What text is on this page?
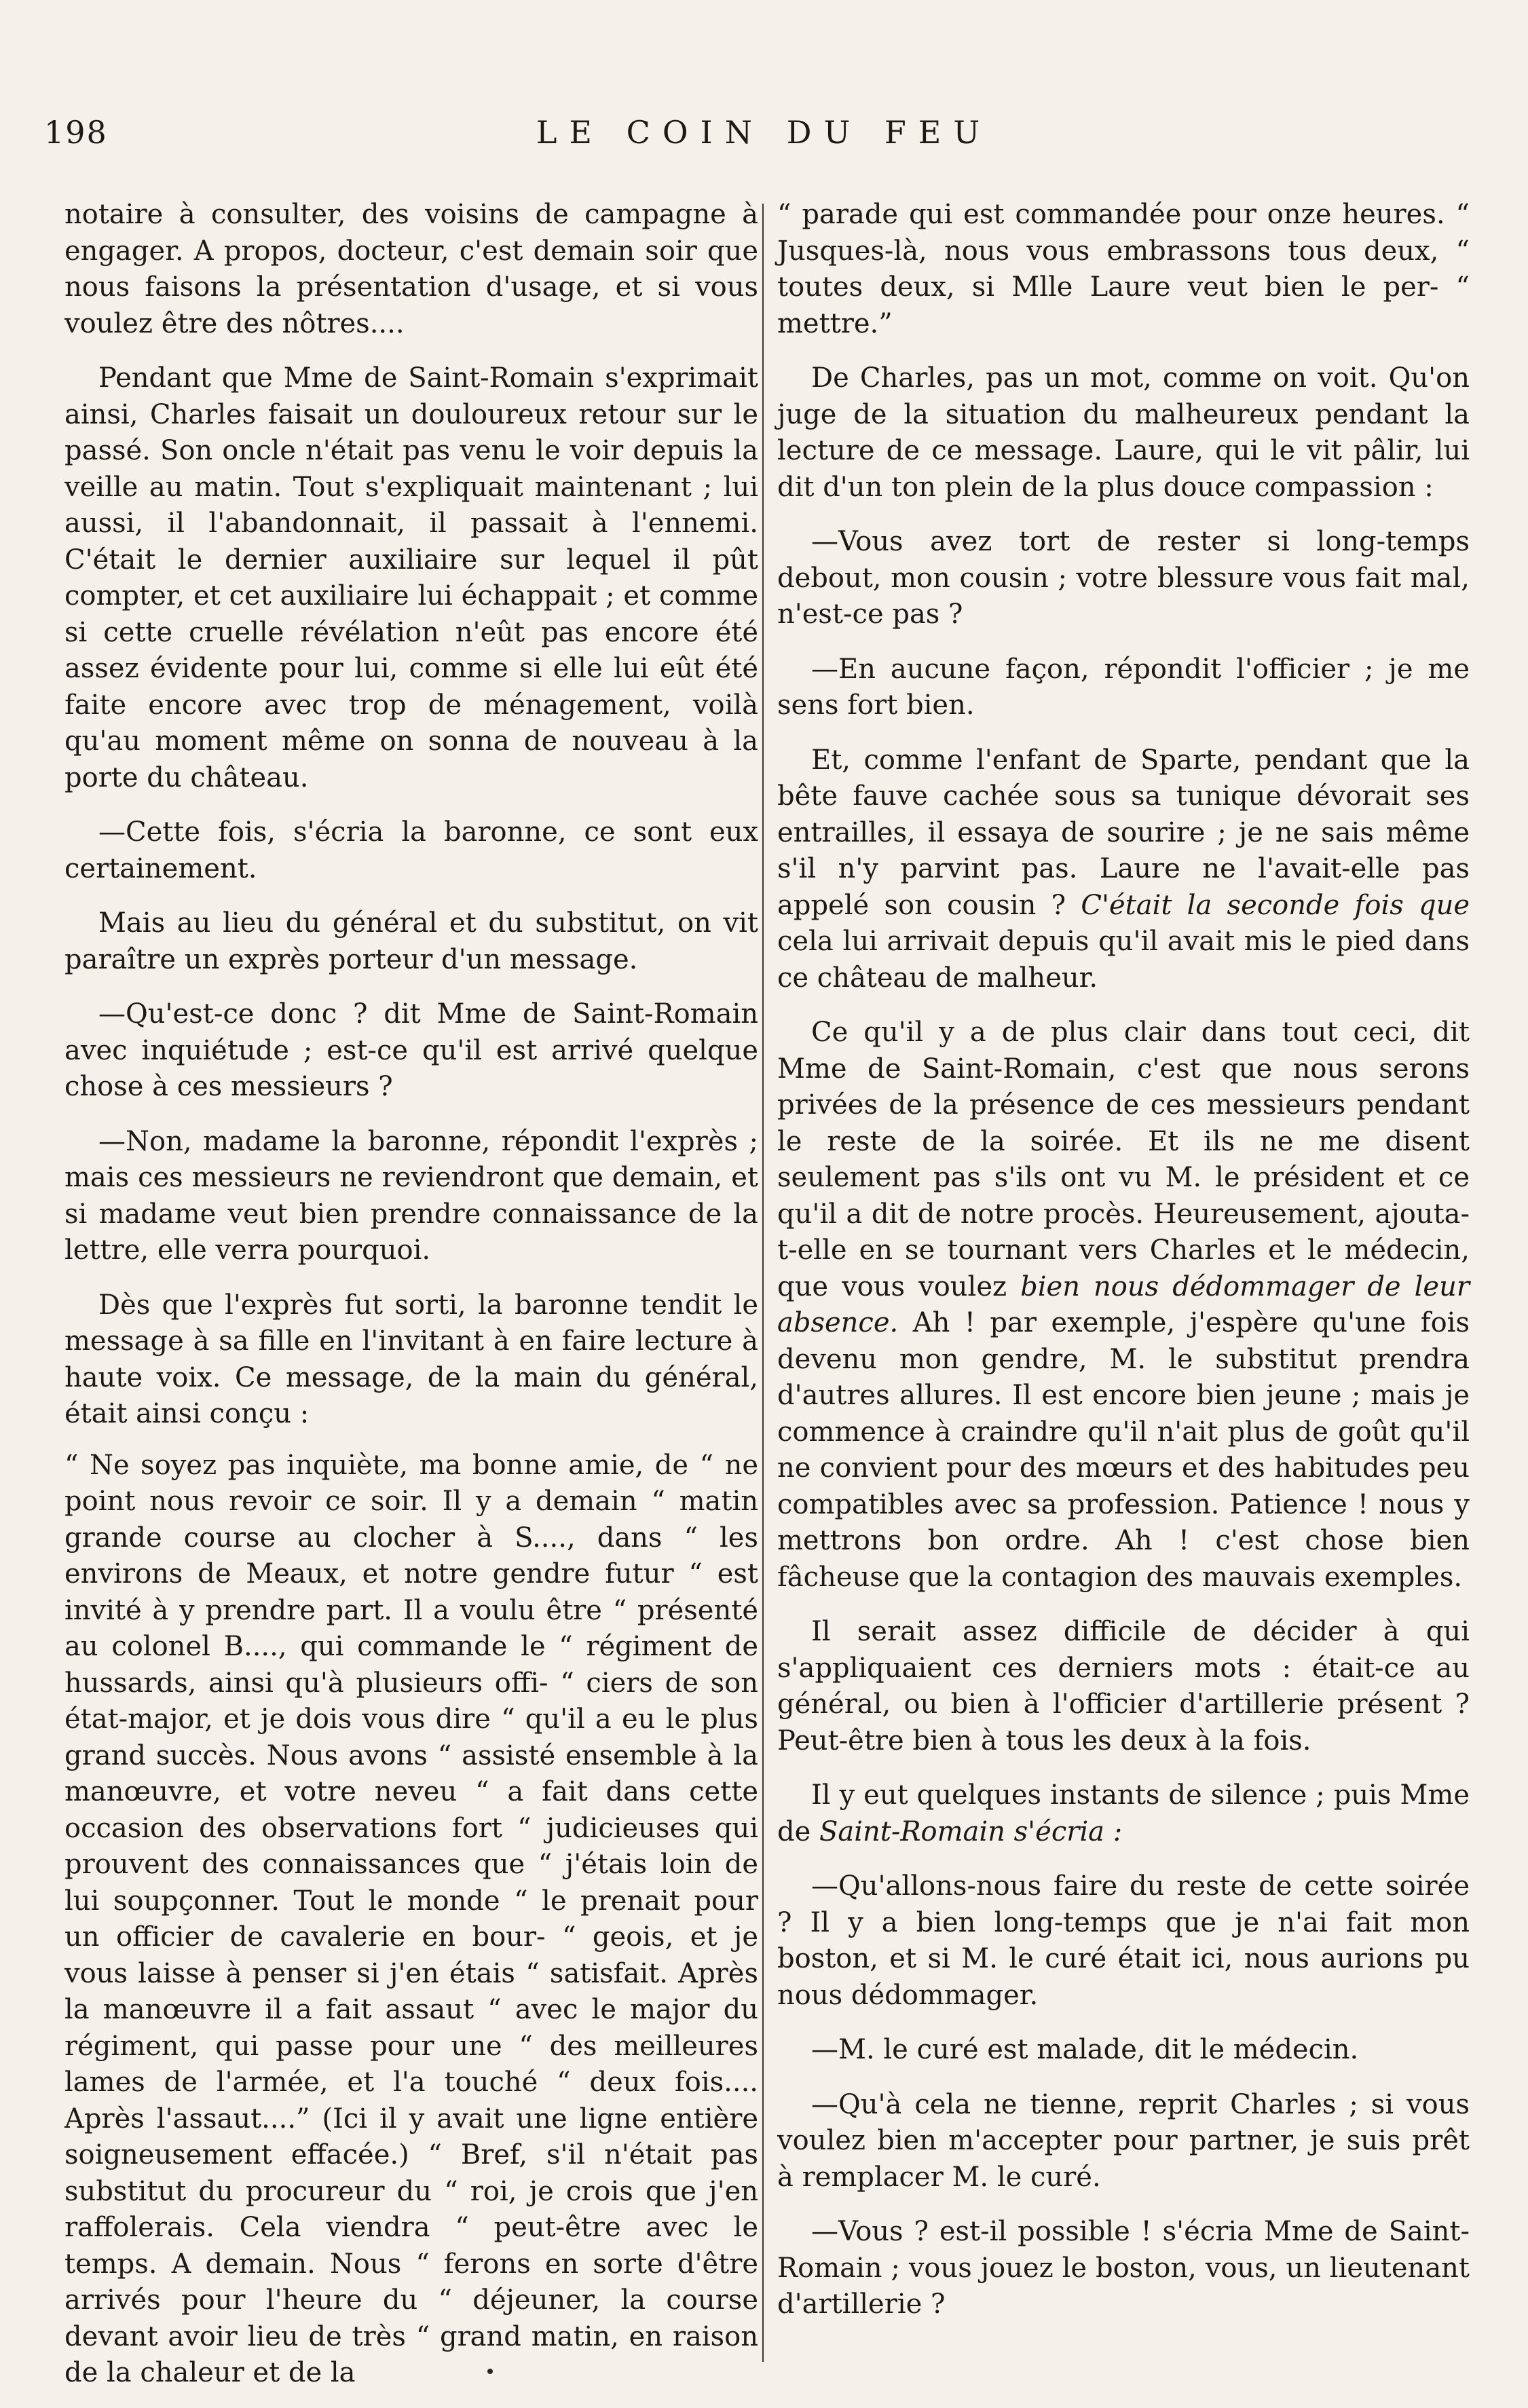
198	LE COIN DU FEU

notaire à consulter, des voisins de campagne à engager. A propos, docteur, c'est demain soir que nous faisons la présentation d'usage, et si vous voulez être des nôtres....

Pendant que Mme de Saint-Romain s'exprimait ainsi, Charles faisait un douloureux retour sur le passé. Son oncle n'était pas venu le voir depuis la veille au matin. Tout s'expliquait maintenant ; lui aussi, il l'abandonnait, il passait à l'ennemi. C'était le dernier auxiliaire sur lequel il pût compter, et cet auxiliaire lui échappait ; et comme si cette cruelle révélation n'eût pas encore été assez évidente pour lui, comme si elle lui eût été faite encore avec trop de ménagement, voilà qu'au moment même on sonna de nouveau à la porte du château.

—Cette fois, s'écria la baronne, ce sont eux certainement.

Mais au lieu du général et du substitut, on vit paraître un exprès porteur d'un message.

—Qu'est-ce donc ? dit Mme de Saint-Romain avec inquiétude ; est-ce qu'il est arrivé quelque chose à ces messieurs ?

—Non, madame la baronne, répondit l'exprès ; mais ces messieurs ne reviendront que demain, et si madame veut bien prendre connaissance de la lettre, elle verra pourquoi.

Dès que l'exprès fut sorti, la baronne tendit le message à sa fille en l'invitant à en faire lecture à haute voix. Ce message, de la main du général, était ainsi conçu :

“ Ne soyez pas inquiète, ma bonne amie, de “ ne point nous revoir ce soir. Il y a demain “ matin grande course au clocher à S...., dans “ les environs de Meaux, et notre gendre futur “ est invité à y prendre part. Il a voulu être “ présenté au colonel B...., qui commande le “ régiment de hussards, ainsi qu'à plusieurs offi- “ ciers de son état-major, et je dois vous dire “ qu'il a eu le plus grand succès. Nous avons “ assisté ensemble à la manœuvre, et votre neveu “ a fait dans cette occasion des observations fort “ judicieuses qui prouvent des connaissances que “ j'étais loin de lui soupçonner. Tout le monde “ le prenait pour un officier de cavalerie en bour- “ geois, et je vous laisse à penser si j'en étais “ satisfait. Après la manœuvre il a fait assaut “ avec le major du régiment, qui passe pour une “ des meilleures lames de l'armée, et l'a touché “ deux fois.... Après l'assaut....” (Ici il y avait une ligne entière soigneusement effacée.) “ Bref, s'il n'était pas substitut du procureur du “ roi, je crois que j'en raffolerais. Cela viendra “ peut-être avec le temps. A demain. Nous “ ferons en sorte d'être arrivés pour l'heure du “ déjeuner, la course devant avoir lieu de très “ grand matin, en raison de la chaleur et de la

“ parade qui est commandée pour onze heures. “ Jusques-là, nous vous embrassons tous deux, “ toutes deux, si Mlle Laure veut bien le per- “ mettre.”

De Charles, pas un mot, comme on voit. Qu'on juge de la situation du malheureux pendant la lecture de ce message. Laure, qui le vit pâlir, lui dit d'un ton plein de la plus douce compassion :

—Vous avez tort de rester si long-temps debout, mon cousin ; votre blessure vous fait mal, n'est-ce pas ?

—En aucune façon, répondit l'officier ; je me sens fort bien.

Et, comme l'enfant de Sparte, pendant que la bête fauve cachée sous sa tunique dévorait ses entrailles, il essaya de sourire ; je ne sais même s'il n'y parvint pas. Laure ne l'avait-elle pas appelé son cousin ? C'était la seconde fois que cela lui arrivait depuis qu'il avait mis le pied dans ce château de malheur.

Ce qu'il y a de plus clair dans tout ceci, dit Mme de Saint-Romain, c'est que nous serons privées de la présence de ces messieurs pendant le reste de la soirée. Et ils ne me disent seulement pas s'ils ont vu M. le président et ce qu'il a dit de notre procès. Heureusement, ajouta-t-elle en se tournant vers Charles et le médecin, que vous voulez bien nous dédommager de leur absence. Ah ! par exemple, j'espère qu'une fois devenu mon gendre, M. le substitut prendra d'autres allures. Il est encore bien jeune ; mais je commence à craindre qu'il n'ait plus de goût qu'il ne convient pour des mœurs et des habitudes peu compatibles avec sa profession. Patience ! nous y mettrons bon ordre. Ah ! c'est chose bien fâcheuse que la contagion des mauvais exemples.

Il serait assez difficile de décider à qui s'appliquaient ces derniers mots : était-ce au général, ou bien à l'officier d'artillerie présent ? Peut-être bien à tous les deux à la fois.

Il y eut quelques instants de silence ; puis Mme de Saint-Romain s'écria :

—Qu'allons-nous faire du reste de cette soirée ? Il y a bien long-temps que je n'ai fait mon boston, et si M. le curé était ici, nous aurions pu nous dédommager.

—M. le curé est malade, dit le médecin.

—Qu'à cela ne tienne, reprit Charles ; si vous voulez bien m'accepter pour partner, je suis prêt à remplacer M. le curé.

—Vous ? est-il possible ! s'écria Mme de Saint-Romain ; vous jouez le boston, vous, un lieutenant d'artillerie ?
